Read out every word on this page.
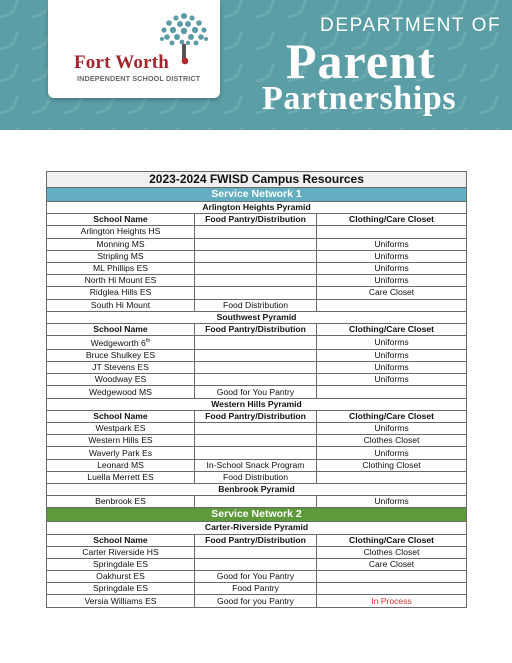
Fort Worth
INDEPENDENT SCHOOL DISTRICT
DEPARTMENT OF
Parent
Partnerships
2023-2024 FWISD Campus Resources		
Service Network 1		
Arlington Heights Pyramid		
School Name	Food Pantry/Distribution	Clothing/Care Closet
Arlington Heights HS		
Monning MS		Uniforms
Stripling MS		Uniforms
ML Phillips ES		Uniforms
North Hi Mount ES		Uniforms
Ridglea Hills ES		Care Closet
South Hi Mount	Food Distribution	
Southwest Pyramid		
School Name	Food Pantry/Distribution	Clothing/Care Closet
Wedgeworth 6th		Uniforms
Bruce Shulkey ES		Uniforms
JT Stevens ES		Uniforms
Woodway ES		Uniforms
Wedgewood MS	Good for You Pantry	
Western Hills Pyramid		
School Name	Food Pantry/Distribution	Clothing/Care Closet
Westpark ES		Uniforms
Western Hills ES		Clothes Closet
Waverly Park Es		Uniforms
Leonard MS	In-School Snack Program	Clothing Closet
Luella Merrett ES	Food Distribution	
Benbrook Pyramid		
Benbrook ES		Uniforms
Service Network 2		
Carter-Riverside Pyramid		
School Name	Food Pantry/Distribution	Clothing/Care Closet
Carter Riverside HS		Clothes Closet
Springdale ES		Care Closet
Oakhurst ES	Good for You Pantry	
Springdale ES	Food Pantry	
Versia Williams ES	Good for you Pantry	In Process
